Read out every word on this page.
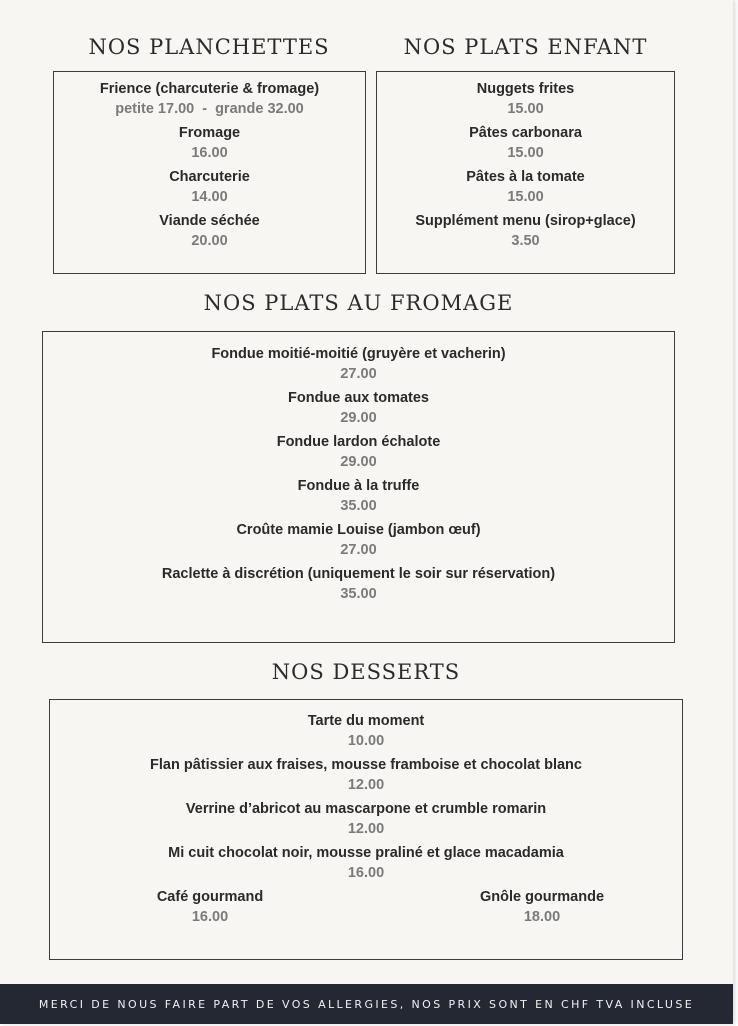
NOS PLANCHETTES
Frience (charcuterie & fromage)
petite 17.00 - grande 32.00
Fromage
16.00
Charcuterie
14.00
Viande séchée
20.00
NOS PLATS ENFANT
Nuggets frites
15.00
Pâtes carbonara
15.00
Pâtes à la tomate
15.00
Supplément menu (sirop+glace)
3.50
NOS PLATS AU FROMAGE
Fondue moitié-moitié (gruyère et vacherin)
27.00
Fondue aux tomates
29.00
Fondue lardon échalote
29.00
Fondue à la truffe
35.00
Croûte mamie Louise (jambon œuf)
27.00
Raclette à discrétion (uniquement le soir sur réservation)
35.00
NOS DESSERTS
Tarte du moment
10.00
Flan pâtissier aux fraises, mousse framboise et chocolat blanc
12.00
Verrine d’abricot au mascarpone et crumble romarin
12.00
Mi cuit chocolat noir, mousse praliné et glace macadamia
16.00
Café gourmand
16.00
Gnôle gourmande
18.00
MERCI DE NOUS FAIRE PART DE VOS ALLERGIES, NOS PRIX SONT EN CHF TVA INCLUSE
